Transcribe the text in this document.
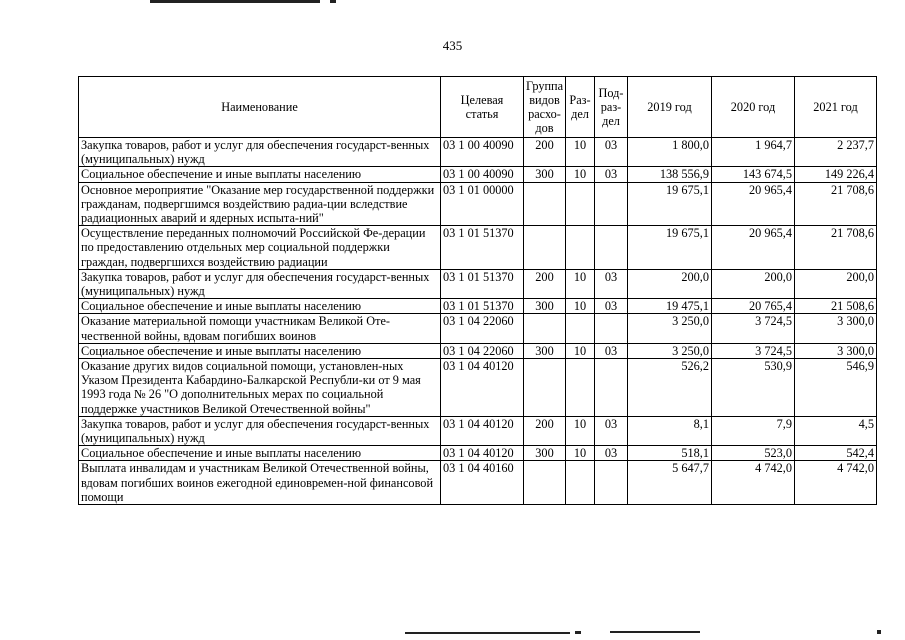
435
Наименование	Целевая статья	Группа видов расхо-дов	Раз-дел	Под-раз-дел	2019 год	2020 год	2021 год
Закупка товаров, работ и услуг для обеспечения государст-венных (муниципальных) нужд	03 1 00 40090	200	10	03	1 800,0	1 964,7	2 237,7
Социальное обеспечение и иные выплаты населению	03 1 00 40090	300	10	03	138 556,9	143 674,5	149 226,4
Основное мероприятие "Оказание мер государственной поддержки гражданам, подвергшимся воздействию радиа-ции вследствие радиационных аварий и ядерных испыта-ний"	03 1 01 00000				19 675,1	20 965,4	21 708,6
Осуществление переданных полномочий Российской Фе-дерации по предоставлению отдельных мер социальной поддержки граждан, подвергшихся воздействию радиации	03 1 01 51370				19 675,1	20 965,4	21 708,6
Закупка товаров, работ и услуг для обеспечения государст-венных (муниципальных) нужд	03 1 01 51370	200	10	03	200,0	200,0	200,0
Социальное обеспечение и иные выплаты населению	03 1 01 51370	300	10	03	19 475,1	20 765,4	21 508,6
Оказание материальной помощи участникам Великой Оте-чественной войны, вдовам погибших воинов	03 1 04 22060				3 250,0	3 724,5	3 300,0
Социальное обеспечение и иные выплаты населению	03 1 04 22060	300	10	03	3 250,0	3 724,5	3 300,0
Оказание других видов социальной помощи, установлен-ных Указом Президента Кабардино-Балкарской Республи-ки от 9 мая 1993 года № 26 "О дополнительных мерах по социальной поддержке участников Великой Отечественной войны"	03 1 04 40120				526,2	530,9	546,9
Закупка товаров, работ и услуг для обеспечения государст-венных (муниципальных) нужд	03 1 04 40120	200	10	03	8,1	7,9	4,5
Социальное обеспечение и иные выплаты населению	03 1 04 40120	300	10	03	518,1	523,0	542,4
Выплата инвалидам и участникам Великой Отечественной войны, вдовам погибших воинов ежегодной единовремен-ной финансовой помощи	03 1 04 40160				5 647,7	4 742,0	4 742,0
